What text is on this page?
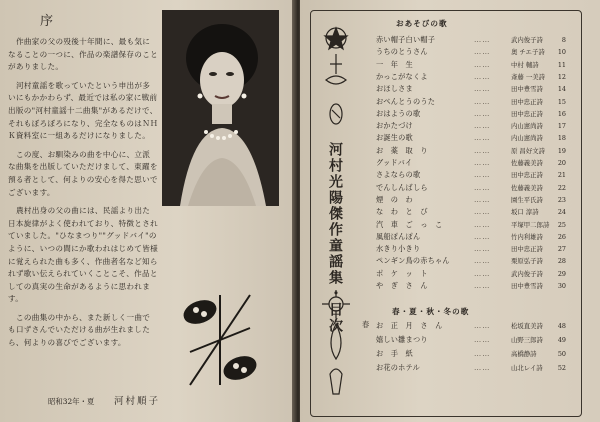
序

作曲家の父の殁後十年間に、最も気になることの一つに、作品の楽譜保存のことがありました。

河村童謡を歌っていたという申出が多いにもかかわらず、最近では私の家に戦前出版の"河村童謡十二曲集"があるだけで、それもぼろぼろになり、完全なものはＮＨＫ資料室に一組あるだけになりました。

この度、お馴染みの曲を中心に、立派な曲集を出版していただけまして、東躍を預る者として、何よりの安心を得た思いでございます。

農村出身の父の曲には、民謡より出た日本旋律がよく使われており、特徴とされていました。"ひなまつり""グッドバイ"のように、いつの間にか歌われはじめて皆様に覚えられた曲も多く、作曲者名など知られず歌い伝えられていくことこそ、作品としての真実の生命があるように思われます。

この曲集の中から、また新しく一曲でも口ずさんでいただける曲が生れましたら、何よりの喜びでございます。

昭和32年・夏 河村順子
河村光陽傑作童謡集・目次
おあそびの歌
赤い帽子白い帽子	……	武内俊子詩	8
うちのとうさん	……	奥 チエ子詩 10
一　年　生	……	中村 輔詩	11
かっこがなくよ	……	斎藤 一美詩 12
おほしさま	……	田中豊雪詩 14
おべんとうのうた	……	田中忠正詩 15
おはようの歌	……	田中忠正詩 16
おかたづけ	……	内山憲尚詩 17
お誕生の歌	……	内山憲尚詩 18
お　薬　取　り	……	原 昌好文詩 19
グッドバイ	……	佐藤義美詩 20
さよならの歌	……	田中忠正詩 21
でんしんばしら	……	佐藤義美詩 22
煙　の　わ	……	園生平氏詩 23
な　わ　と　び	……	坂口 淳詩	24
汽　車　ご　っ　こ	……	平塚甲二郎詩 25
風船ぽんぽん	……	竹内利雄詩 26
水きり小きり	……	田中忠正詩 27
ペンギン鳥の赤ちゃん	……	栗原弘子詩 28
ポ　ケ　ッ　ト	……	武内俊子詩 29
や　ぎ　さ　ん	……	田中豊雪詩 30
春・夏・秋・冬の歌
お　正　月　さ　ん	……	松坂直美詩 48
嬉しい雛まつり	……	山野三郎詩 49
お　手　紙	……	高橋静詩	50
お花のホテル	……	山北レイ詩 52
春
